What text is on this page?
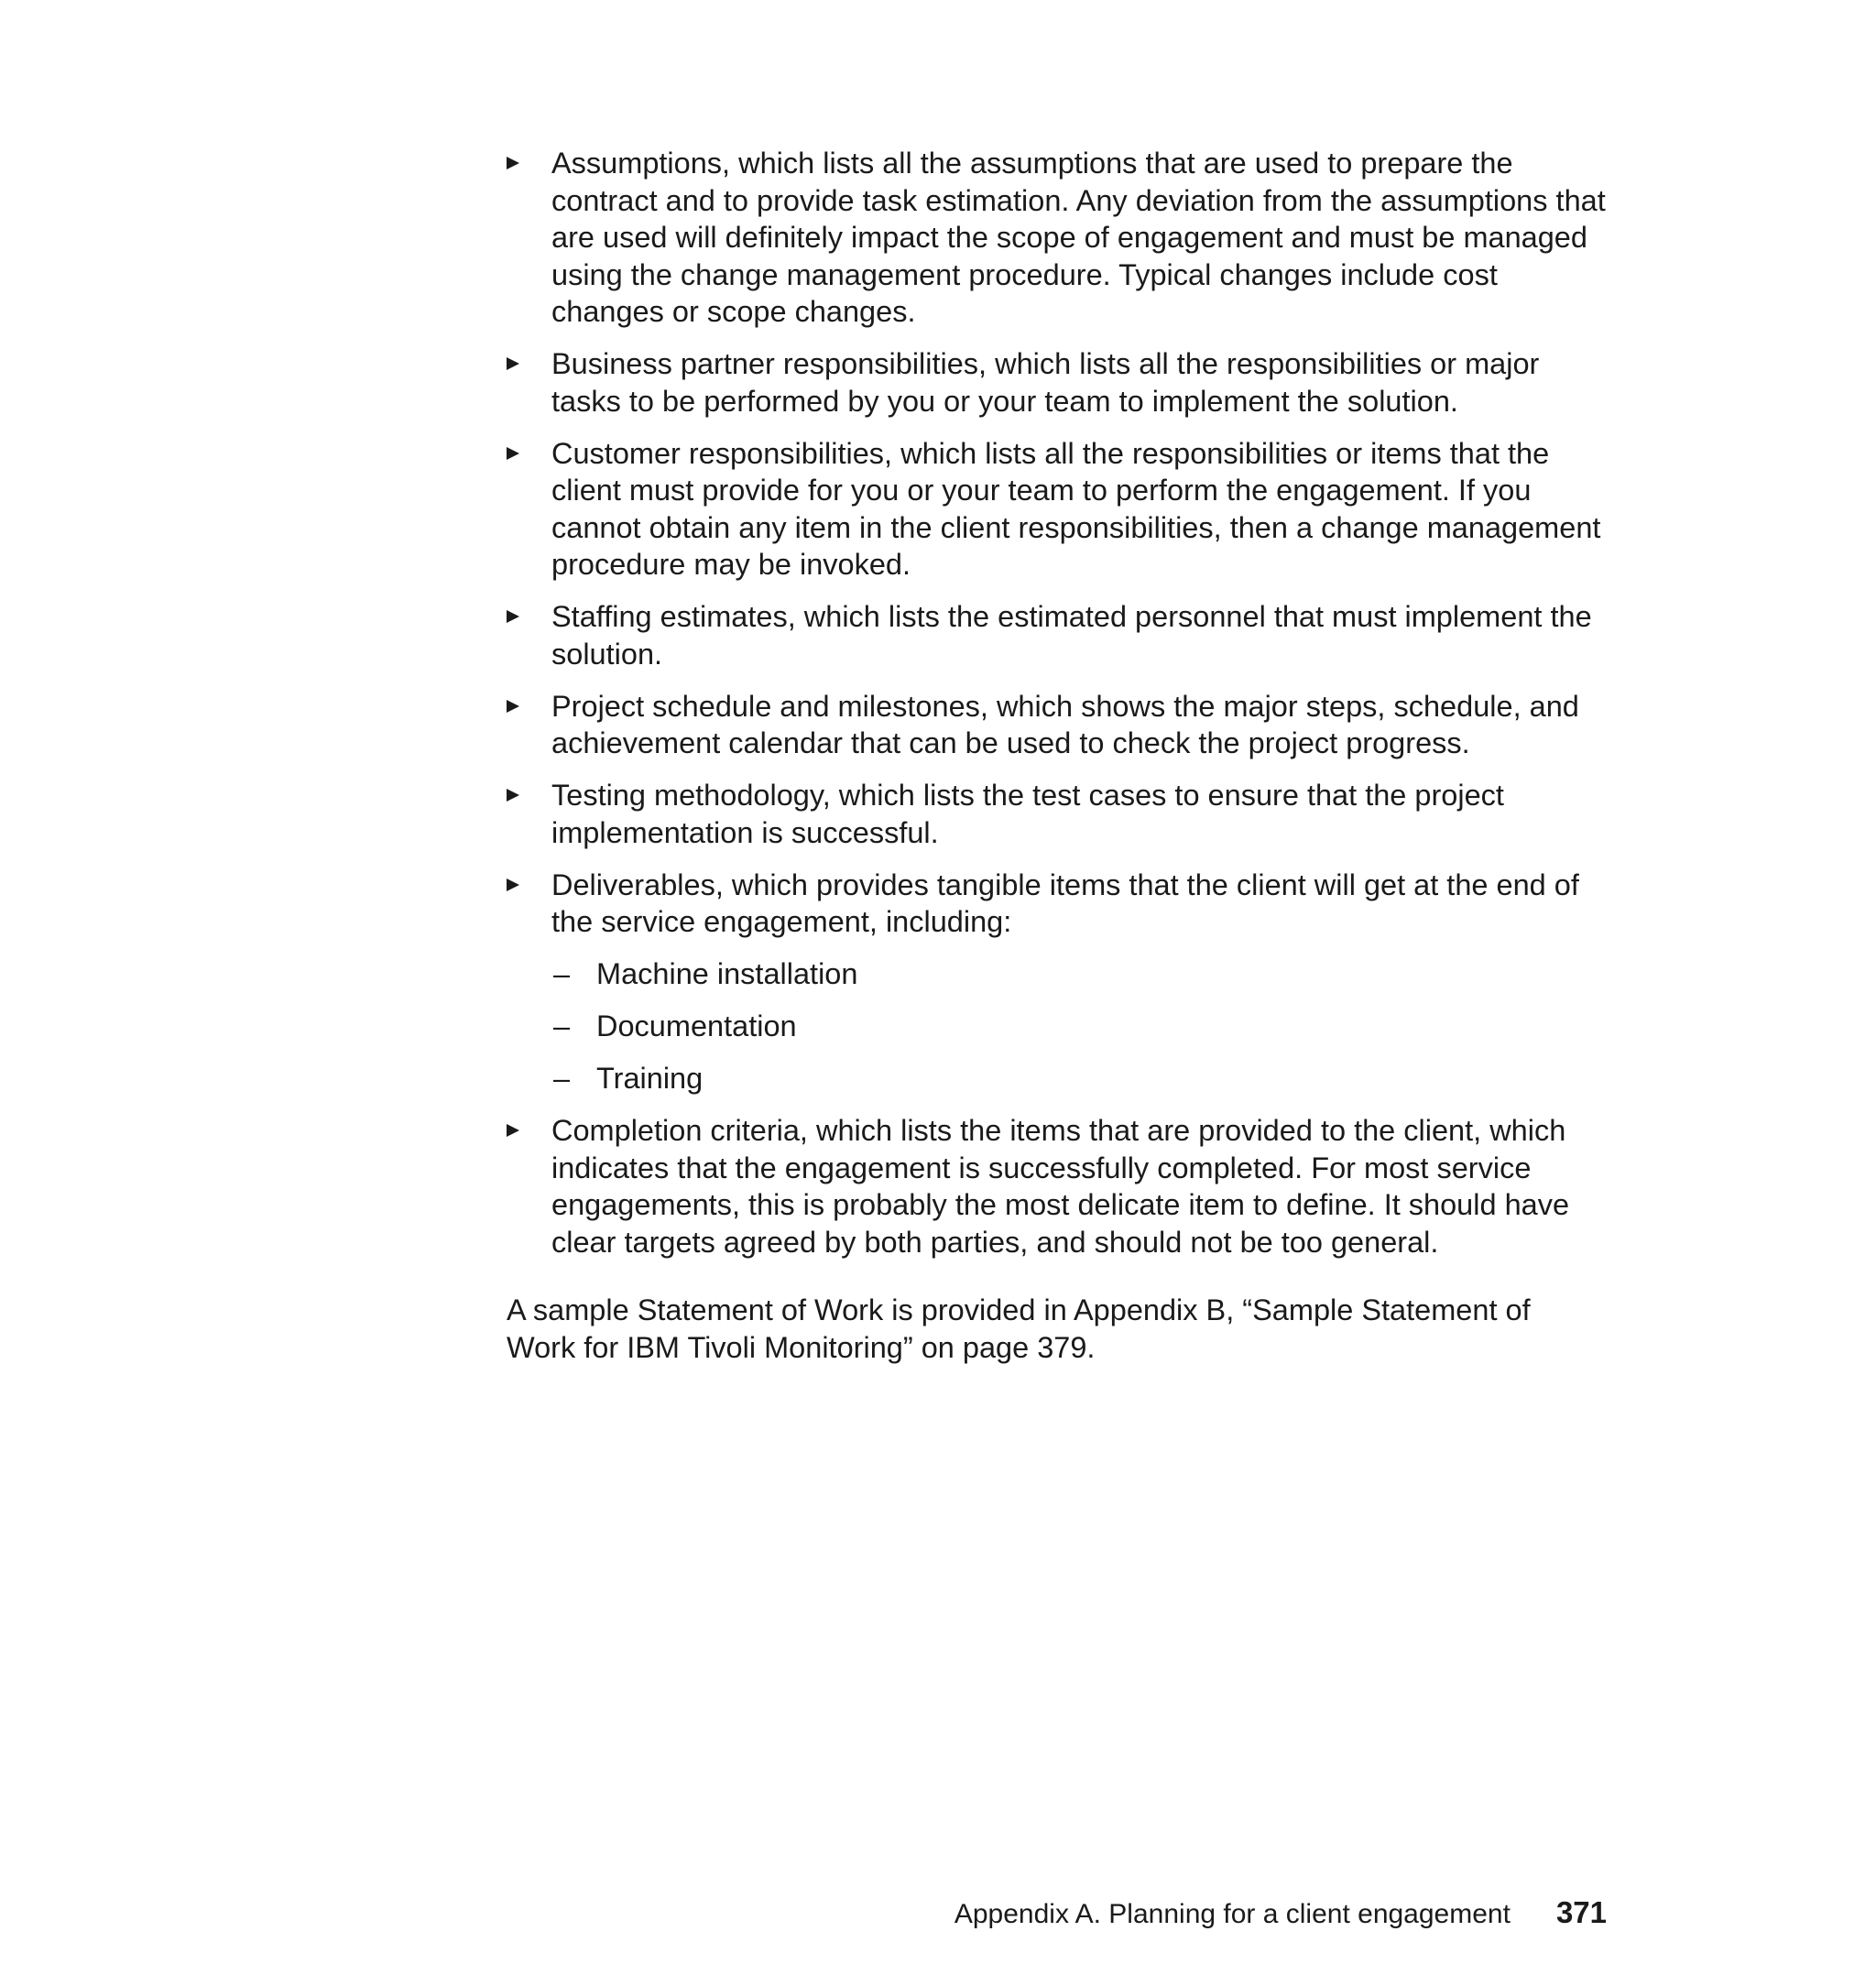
Assumptions, which lists all the assumptions that are used to prepare the contract and to provide task estimation. Any deviation from the assumptions that are used will definitely impact the scope of engagement and must be managed using the change management procedure. Typical changes include cost changes or scope changes.
Business partner responsibilities, which lists all the responsibilities or major tasks to be performed by you or your team to implement the solution.
Customer responsibilities, which lists all the responsibilities or items that the client must provide for you or your team to perform the engagement. If you cannot obtain any item in the client responsibilities, then a change management procedure may be invoked.
Staffing estimates, which lists the estimated personnel that must implement the solution.
Project schedule and milestones, which shows the major steps, schedule, and achievement calendar that can be used to check the project progress.
Testing methodology, which lists the test cases to ensure that the project implementation is successful.
Deliverables, which provides tangible items that the client will get at the end of the service engagement, including:
– Machine installation
– Documentation
– Training
Completion criteria, which lists the items that are provided to the client, which indicates that the engagement is successfully completed. For most service engagements, this is probably the most delicate item to define. It should have clear targets agreed by both parties, and should not be too general.

A sample Statement of Work is provided in Appendix B, “Sample Statement of Work for IBM Tivoli Monitoring” on page 379.

Appendix A. Planning for a client engagement 371
